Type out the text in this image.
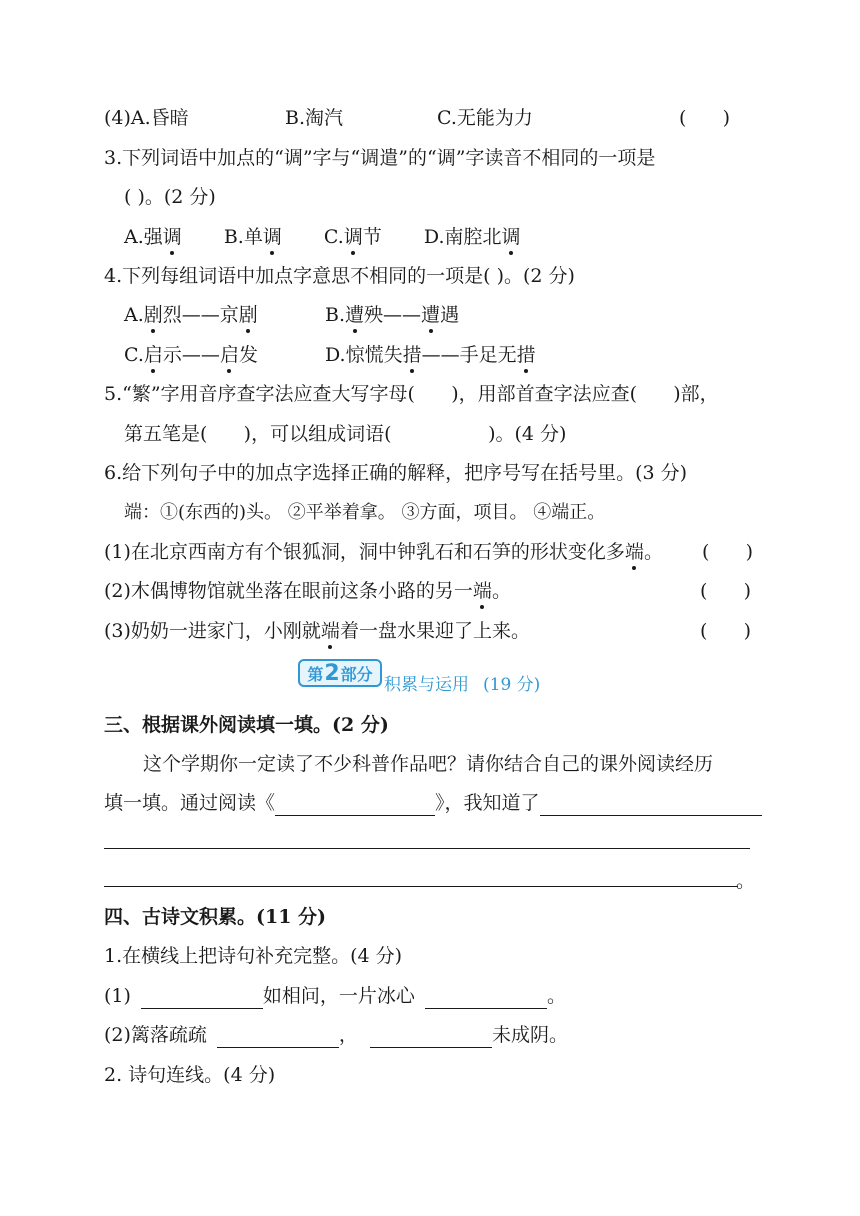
(4)A.昏暗	B.淘汽	C.无能为力	(      )
3.下列词语中加点的“调”字与“调遣”的“调”字读音不相同的一项是
( )。(2 分)
A.强调 B.单调 C.调节 D.南腔北调
4.下列每组词语中加点字意思不相同的一项是( )。(2 分)
A.剧烈——京剧	B.遭殃——遭遇
C.启示——启发	D.惊慌失措——手足无措
5.“繁”字用音序查字法应查大写字母(      )，用部首查字法应查(      )部，
第五笔是(      )，可以组成词语(                )。(4 分)
6.给下列句子中的加点字选择正确的解释，把序号写在括号里。(3 分)
端：①(东西的)头。 ②平举着拿。 ③方面，项目。 ④端正。
(1)在北京西南方有个银狐洞，洞中钟乳石和石笋的形状变化多端。 (      )
(2)木偶博物馆就坐落在眼前这条小路的另一端。	(      )
(3)奶奶一进家门，小刚就端着一盘水果迎了上来。	(      )
第 2 部分
积累与运用 (19 分)
三、根据课外阅读填一填。(2 分)
这个学期你一定读了不少科普作品吧？请你结合自己的课外阅读经历
填一填。通过阅读《	》，我知道了
。
四、古诗文积累。(11 分)
1.在横线上把诗句补充完整。(4 分)
(1)	如相问，一片冰心	。
(2)篱落疏疏	，	未成阴。
2. 诗句连线。(4 分)
